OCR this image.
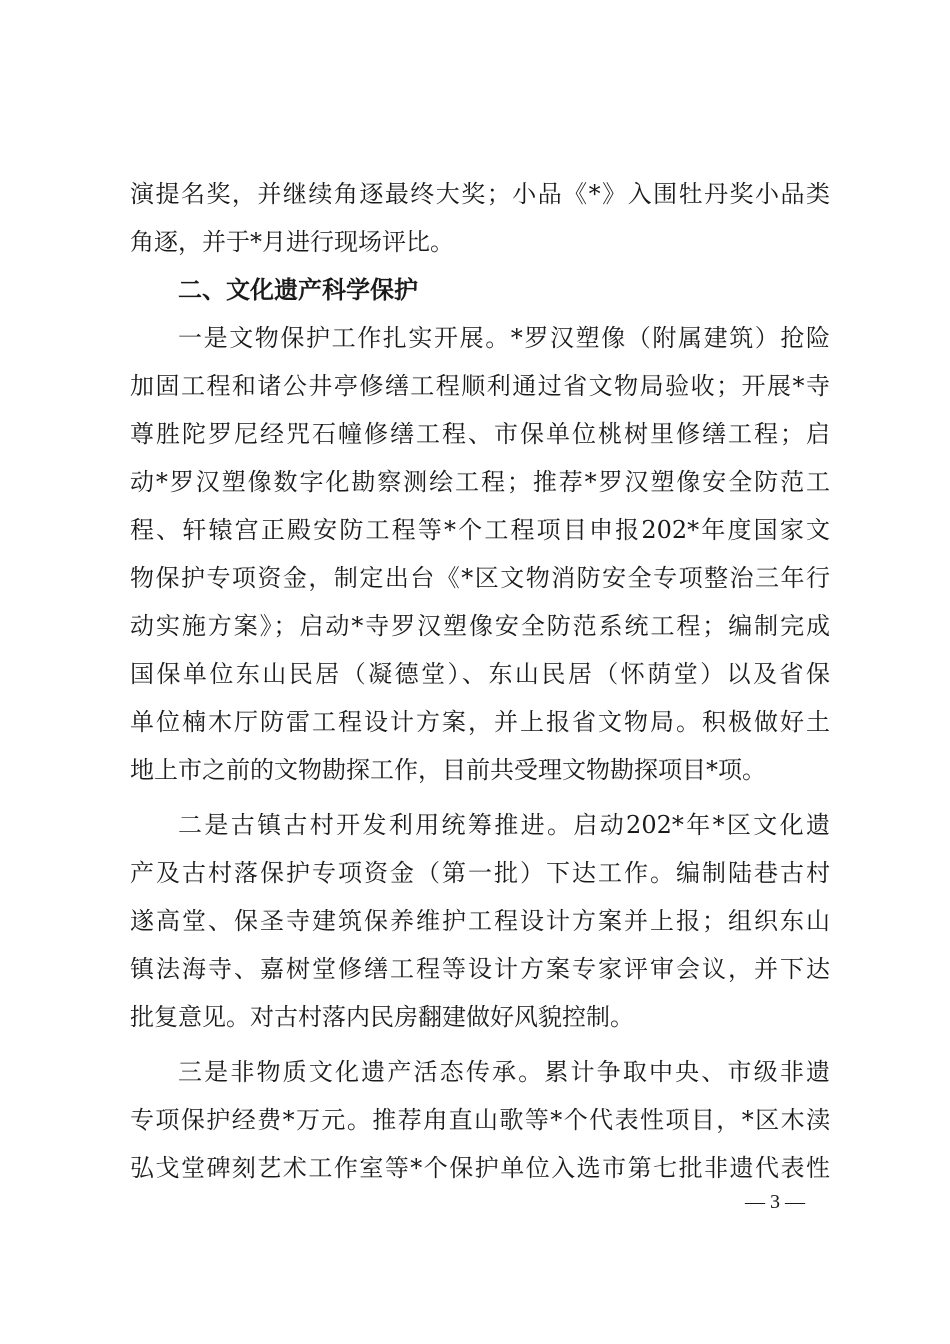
演提名奖，并继续角逐最终大奖；小品《*》入围牡丹奖小品类
角逐，并于*月进行现场评比。
二、文化遗产科学保护
一是文物保护工作扎实开展。*罗汉塑像（附属建筑）抢险
加固工程和诸公井亭修缮工程顺利通过省文物局验收；开展*寺
尊胜陀罗尼经咒石幢修缮工程、市保单位桃树里修缮工程；启
动*罗汉塑像数字化勘察测绘工程；推荐*罗汉塑像安全防范工
程、轩辕宫正殿安防工程等*个工程项目申报202*年度国家文
物保护专项资金，制定出台《*区文物消防安全专项整治三年行
动实施方案》；启动*寺罗汉塑像安全防范系统工程；编制完成
国保单位东山民居（凝德堂）、东山民居（怀荫堂）以及省保
单位楠木厅防雷工程设计方案，并上报省文物局。积极做好土
地上市之前的文物勘探工作，目前共受理文物勘探项目*项。
二是古镇古村开发利用统筹推进。启动202*年*区文化遗
产及古村落保护专项资金（第一批）下达工作。编制陆巷古村
遂高堂、保圣寺建筑保养维护工程设计方案并上报；组织东山
镇法海寺、嘉树堂修缮工程等设计方案专家评审会议，并下达
批复意见。对古村落内民房翻建做好风貌控制。
三是非物质文化遗产活态传承。累计争取中央、市级非遗
专项保护经费*万元。推荐甪直山歌等*个代表性项目，*区木渎
弘戈堂碑刻艺术工作室等*个保护单位入选市第七批非遗代表性
— 3 —
